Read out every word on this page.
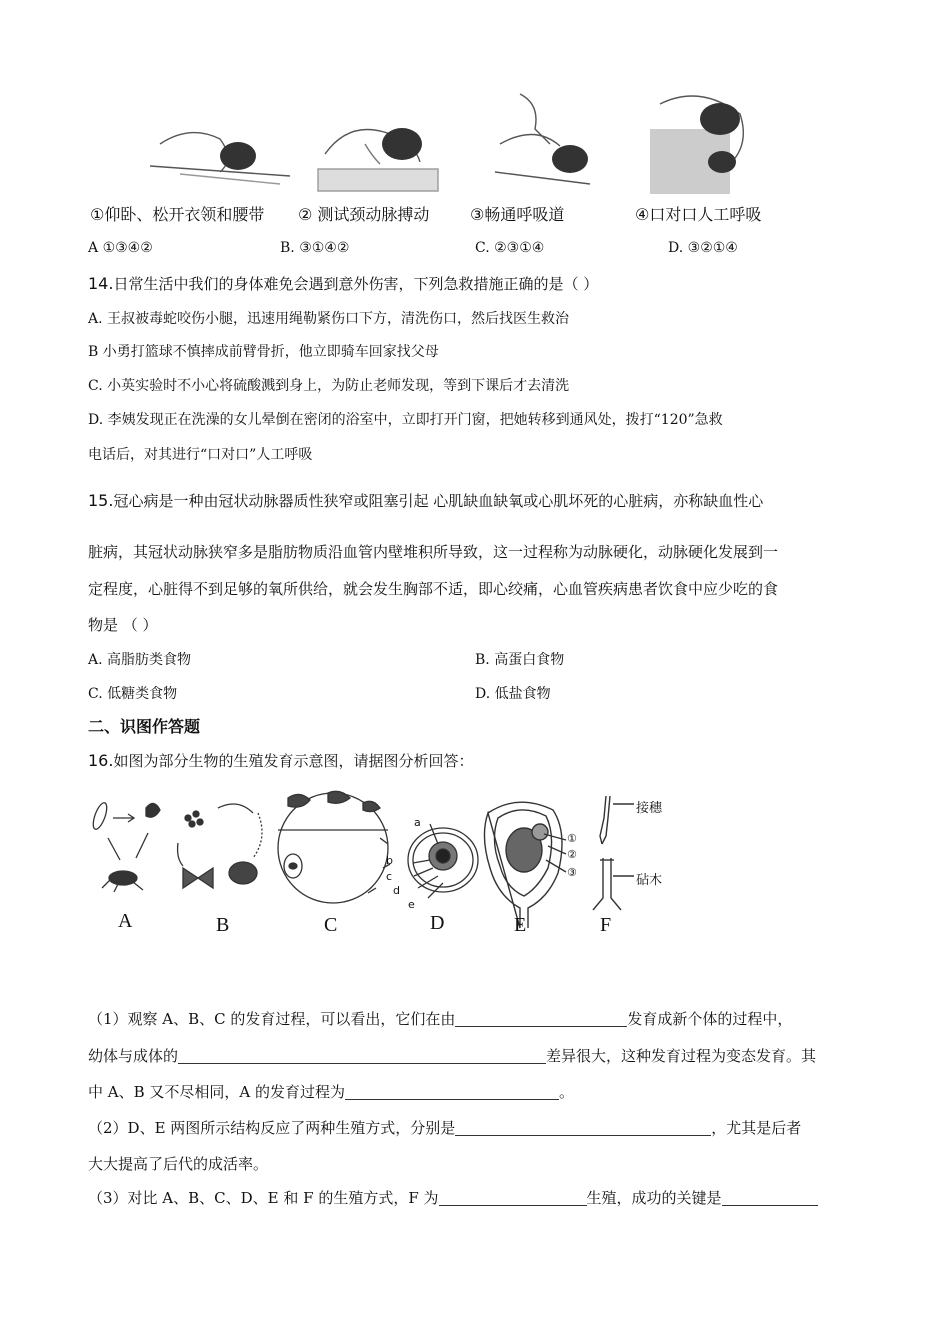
①仰卧、松开衣领和腰带 ② 测试颈动脉搏动	③畅通呼吸道	④口对口人工呼吸
A ①③④②	B. ③①④②	C. ②③①④	D. ③②①④
14.日常生活中我们的身体难免会遇到意外伤害，下列急救措施正确的是（ ）
A. 王叔被毒蛇咬伤小腿，迅速用绳勒紧伤口下方，清洗伤口，然后找医生救治
B 小勇打篮球不慎摔成前臂骨折，他立即骑车回家找父母
C. 小英实验时不小心将硫酸溅到身上，为防止老师发现，等到下课后才去清洗
D. 李姨发现正在洗澡的女儿晕倒在密闭的浴室中，立即打开门窗，把她转移到通风处，拨打“120”急救
电话后，对其进行“口对口”人工呼吸
15.冠心病是一种由冠状动脉器质性狭窄或阻塞引起 心肌缺血缺氧或心肌坏死的心脏病，亦称缺血性心
脏病，其冠状动脉狭窄多是脂肪物质沿血管内壁堆积所导致，这一过程称为动脉硬化，动脉硬化发展到一
定程度，心脏得不到足够的氧所供给，就会发生胸部不适，即心绞痛，心血管疾病患者饮食中应少吃的食
物是 （ ）
A. 高脂肪类食物	B. 高蛋白食物
C. 低糖类食物	D. 低盐食物
二、识图作答题
16.如图为部分生物的生殖发育示意图，请据图分析回答：
a
b
c
d
e
①
②
③
接穗
砧木
A	B	C	D	E	F
（1）观察 A、B、C 的发育过程，可以看出，它们在由	发育成新个体的过程中，
幼体与成体的	差异很大，这种发育过程为变态发育。其
中 A、B 又不尽相同，A 的发育过程为	。
（2）D、E 两图所示结构反应了两种生殖方式，分别是	，尤其是后者
大大提高了后代的成活率。
（3）对比 A、B、C、D、E 和 F 的生殖方式，F 为	生殖，成功的关键是
